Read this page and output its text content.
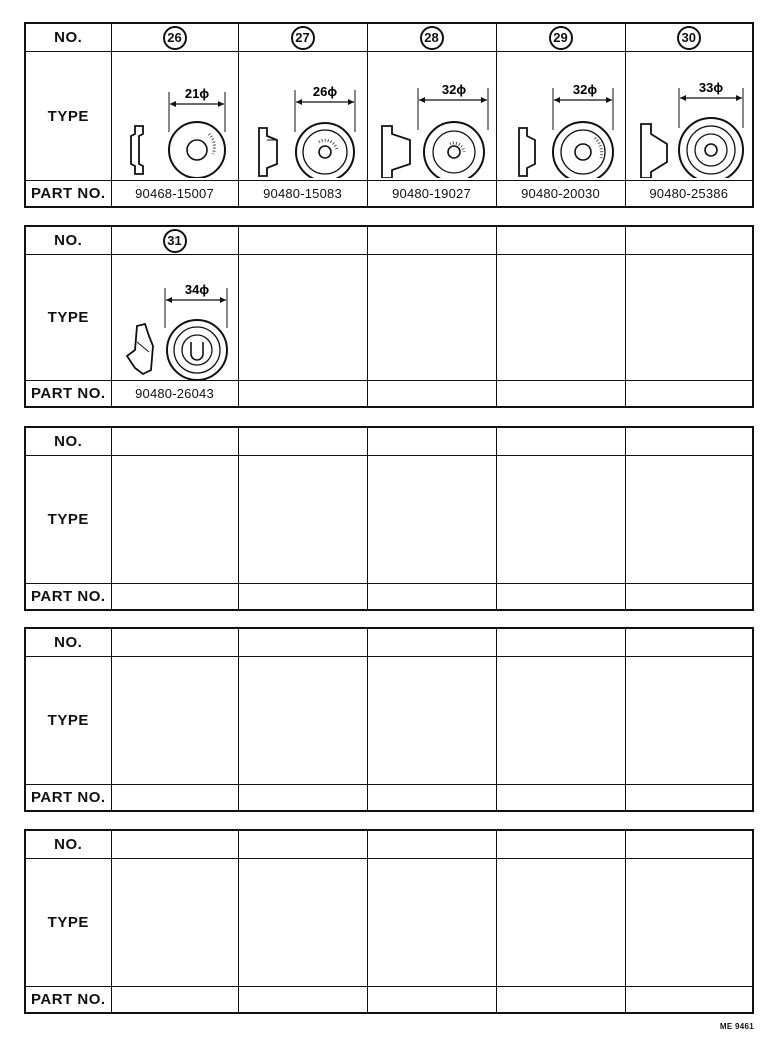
NO.	26	27	28	29	30
TYPE	21ϕ	26ϕ	32ϕ	32ϕ	33ϕ

PART NO.	90468-15007	90480-15083	90480-19027	90480-20030	90480-25386
NO.	31				
TYPE	34ϕ				

PART NO.	90480-26043				
NO.					
TYPE					
PART NO.					
NO.					
TYPE					
PART NO.					
NO.					
TYPE					
PART NO.					
ME 9461
